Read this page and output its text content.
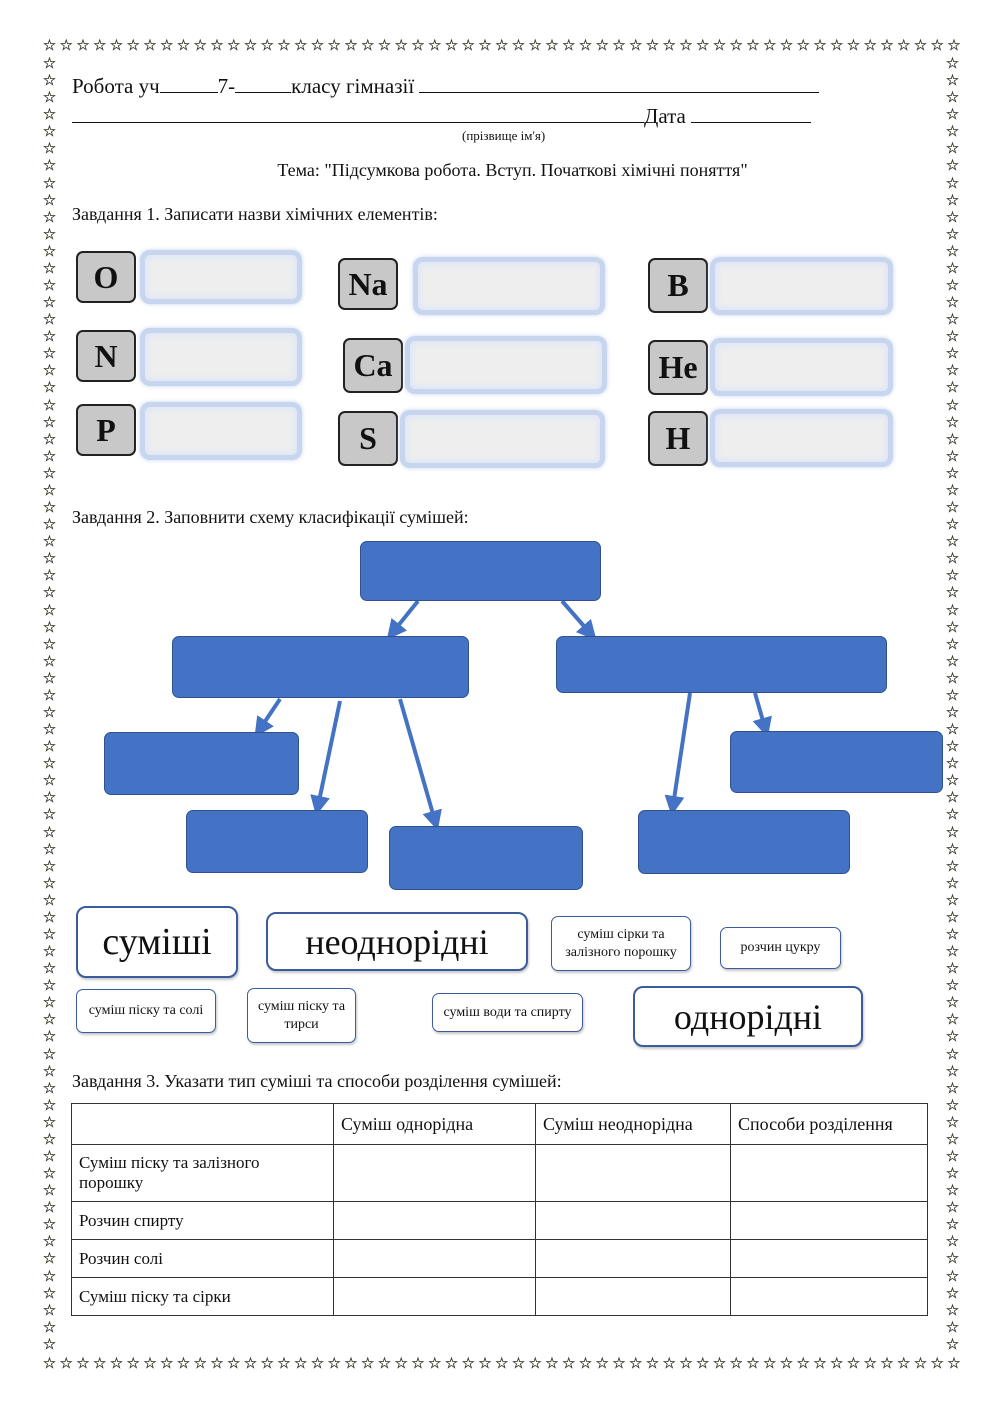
☆ ☆ ☆ ☆ ☆ ☆ ☆ ☆ ☆ ☆ ☆ ☆ ☆ ☆ ☆ ☆ ☆ ☆ ☆ ☆ ☆ ☆ ☆ ☆ ☆ ☆ ☆ ☆ ☆ ☆ ☆ ☆ ☆ ☆ ☆ ☆ ☆ ☆ ☆ ☆ ☆ ☆ ☆ ☆ ☆ ☆ ☆ ☆ ☆ ☆ ☆ ☆ ☆ ☆ ☆
☆ ☆ ☆ ☆ ☆ ☆ ☆ ☆ ☆ ☆ ☆ ☆ ☆ ☆ ☆ ☆ ☆ ☆ ☆ ☆ ☆ ☆ ☆ ☆ ☆ ☆ ☆ ☆ ☆ ☆ ☆ ☆ ☆ ☆ ☆ ☆ ☆ ☆ ☆ ☆ ☆ ☆ ☆ ☆ ☆ ☆ ☆ ☆ ☆ ☆ ☆ ☆ ☆ ☆ ☆
☆
☆
☆
☆
☆
☆
☆
☆
☆
☆
☆
☆
☆
☆
☆
☆
☆
☆
☆
☆
☆
☆
☆
☆
☆
☆
☆
☆
☆
☆
☆
☆
☆
☆
☆
☆
☆
☆
☆
☆
☆
☆
☆
☆
☆
☆
☆
☆
☆
☆
☆
☆
☆
☆
☆
☆
☆
☆
☆
☆
☆
☆
☆
☆
☆
☆
☆
☆
☆
☆
☆
☆
☆
☆
☆
☆
☆
☆
☆
☆
☆
☆
☆
☆
☆
☆
☆
☆
☆
☆
☆
☆
☆
☆
☆
☆
☆
☆
☆
☆
☆
☆
☆
☆
☆
☆
☆
☆
☆
☆
☆
☆
☆
☆
☆
☆
☆
☆
☆
☆
☆
☆
☆
☆
☆
☆
☆
☆
☆
☆
☆
☆
☆
☆
☆
☆
☆
☆
☆
☆
☆
☆
☆
☆
☆
☆
☆
☆
☆
☆
☆
☆
Робота уч	7-	класу гімназії
Дата
(прізвище ім'я)
Тема: "Підсумкова робота. Вступ. Початкові хімічні поняття"
Завдання 1. Записати назви хімічних елементів:
O	Na	B
N	Ca	He
P	S	H
Завдання 2. Заповнити схему класифікації сумішей:
суміші	неоднорідні	суміш сірки та залізного порошку	розчин цукру
суміш піску та солі	суміш піску та тирси
суміш води та спирту	однорідні
Завдання 3. Указати тип суміші та способи розділення сумішей:
	Суміш однорідна	Суміш неоднорідна	Способи розділення
Суміш піску та залізного порошку			
Розчин спирту			
Розчин солі			
Суміш піску та сірки			
